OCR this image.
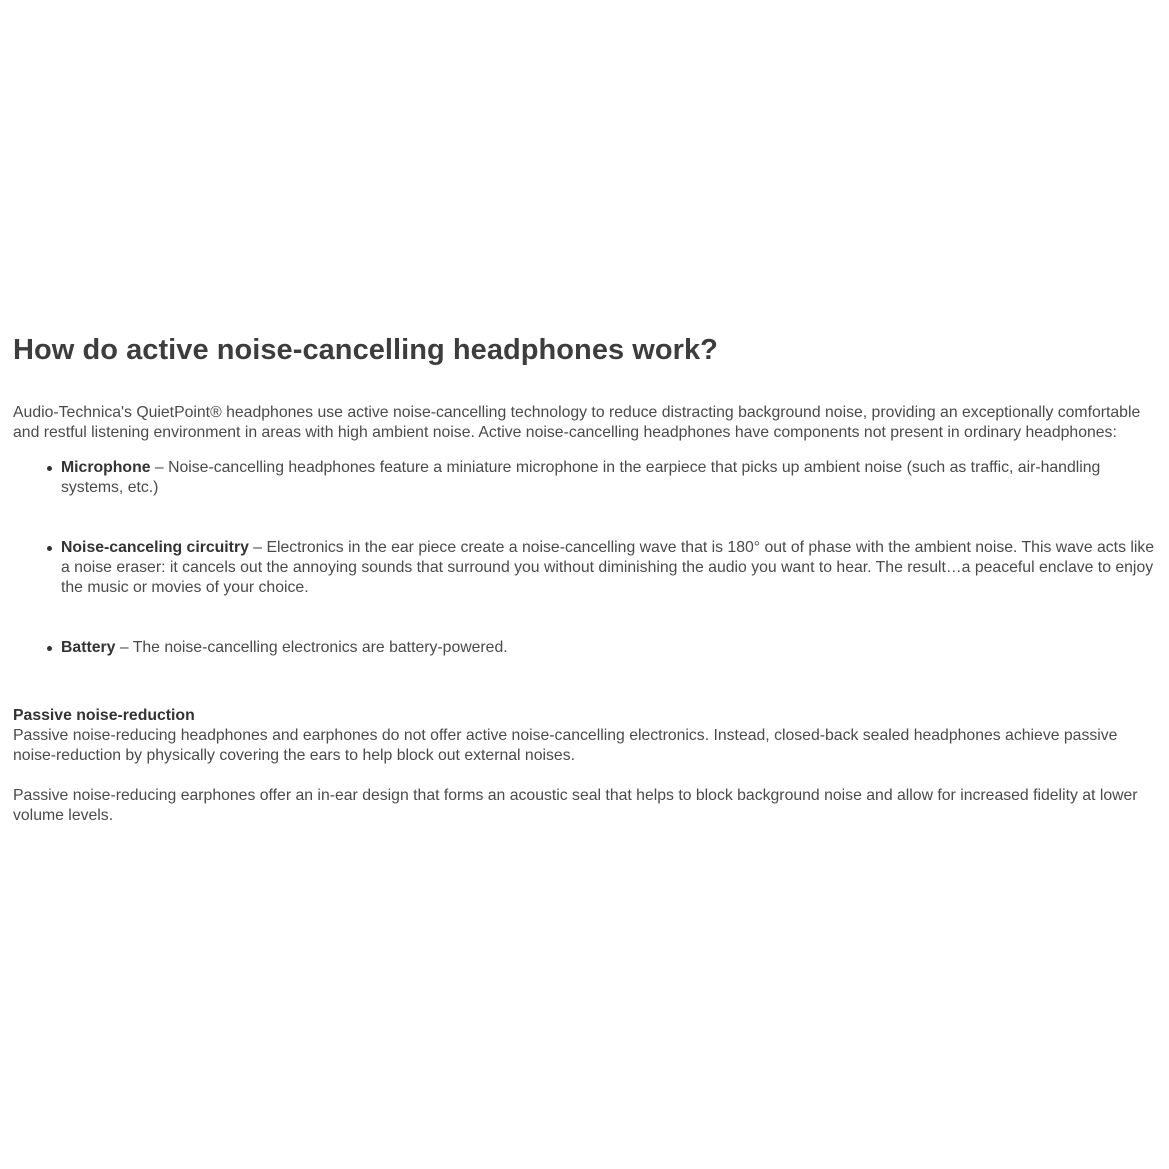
How do active noise-cancelling headphones work?

Audio-Technica's QuietPoint® headphones use active noise-cancelling technology to reduce distracting background noise, providing an exceptionally comfortable and restful listening environment in areas with high ambient noise. Active noise-cancelling headphones have components not present in ordinary headphones:

Microphone – Noise-cancelling headphones feature a miniature microphone in the earpiece that picks up ambient noise (such as traffic, air-handling systems, etc.)
Noise-canceling circuitry – Electronics in the ear piece create a noise-cancelling wave that is 180° out of phase with the ambient noise. This wave acts like a noise eraser: it cancels out the annoying sounds that surround you without diminishing the audio you want to hear. The result…a peaceful enclave to enjoy the music or movies of your choice.
Battery – The noise-cancelling electronics are battery-powered.
Passive noise-reduction

Passive noise-reducing headphones and earphones do not offer active noise-cancelling electronics. Instead, closed-back sealed headphones achieve passive noise-reduction by physically covering the ears to help block out external noises.

Passive noise-reducing earphones offer an in-ear design that forms an acoustic seal that helps to block background noise and allow for increased fidelity at lower volume levels.
